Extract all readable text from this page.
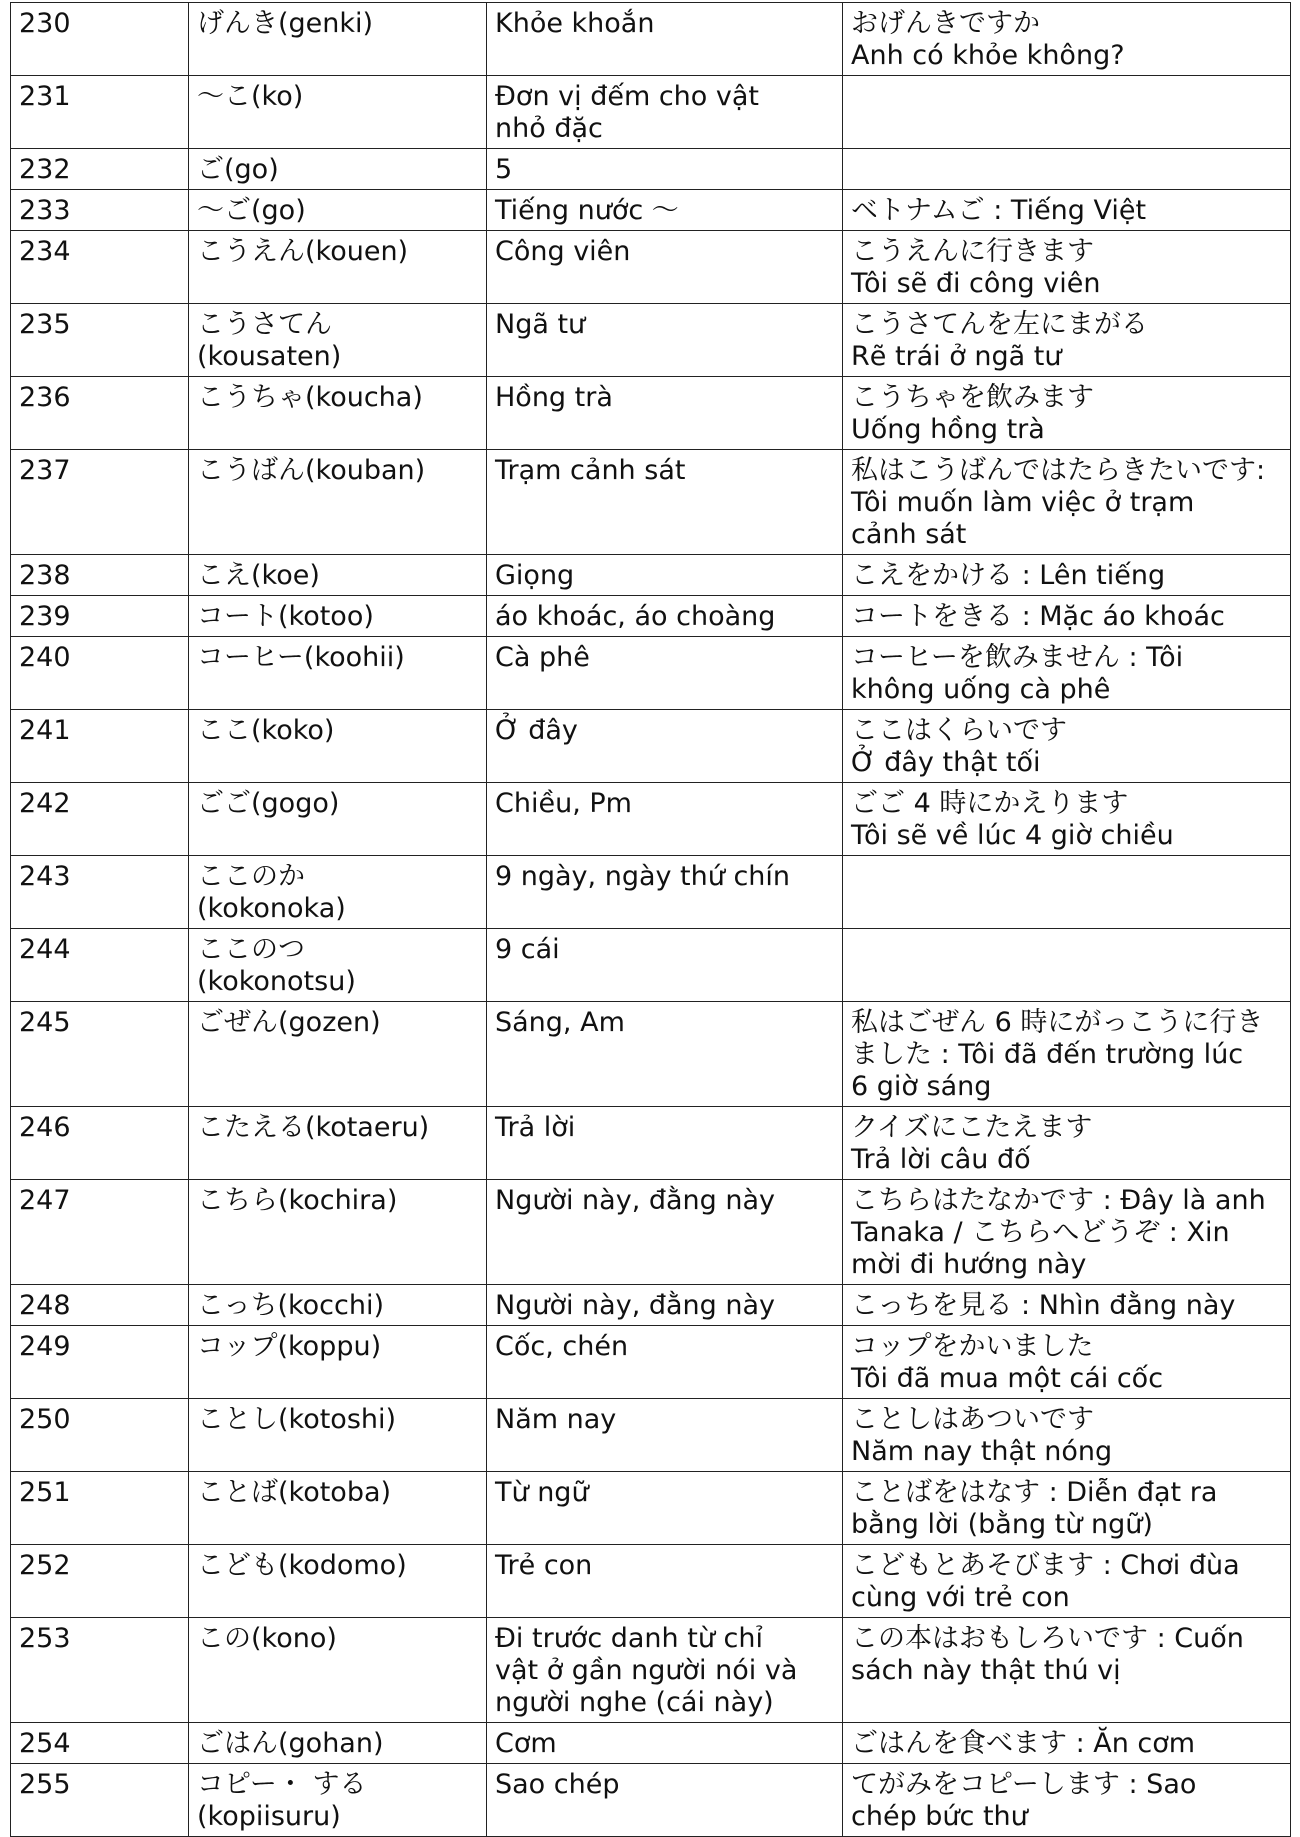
230	げんき(genki)	Khỏe khoắn	おげんきですか
Anh có khỏe không?
231	～こ(ko)	Đơn vị đếm cho vật
nhỏ đặc	
232	ご(go)	5	
233	～ご(go)	Tiếng nước ～	ベトナムご : Tiếng Việt
234	こうえん(kouen)	Công viên	こうえんに行きます
Tôi sẽ đi công viên
235	こうさてん
(kousaten)	Ngã tư	こうさてんを左にまがる
Rẽ trái ở ngã tư
236	こうちゃ(koucha)	Hồng trà	こうちゃを飲みます
Uống hồng trà
237	こうばん(kouban)	Trạm cảnh sát	私はこうばんではたらきたいです:
Tôi muốn làm việc ở trạm
cảnh sát
238	こえ(koe)	Giọng	こえをかける : Lên tiếng
239	コート(kotoo)	áo khoác, áo choàng	コートをきる : Mặc áo khoác
240	コーヒー(koohii)	Cà phê	コーヒーを飲みません : Tôi
không uống cà phê
241	ここ(koko)	Ở đây	ここはくらいです
Ở đây thật tối
242	ごご(gogo)	Chiều, Pm	ごご 4 時にかえります
Tôi sẽ về lúc 4 giờ chiều
243	ここのか
(kokonoka)	9 ngày, ngày thứ chín	
244	ここのつ
(kokonotsu)	9 cái	
245	ごぜん(gozen)	Sáng, Am	私はごぜん 6 時にがっこうに行き
ました : Tôi đã đến trường lúc
6 giờ sáng
246	こたえる(kotaeru)	Trả lời	クイズにこたえます
Trả lời câu đố
247	こちら(kochira)	Người này, đằng này	こちらはたなかです : Đây là anh
Tanaka / こちらへどうぞ : Xin
mời đi hướng này
248	こっち(kocchi)	Người này, đằng này	こっちを見る : Nhìn đằng này
249	コップ(koppu)	Cốc, chén	コップをかいました
Tôi đã mua một cái cốc
250	ことし(kotoshi)	Năm nay	ことしはあついです
Năm nay thật nóng
251	ことば(kotoba)	Từ ngữ	ことばをはなす : Diễn đạt ra
bằng lời (bằng từ ngữ)
252	こども(kodomo)	Trẻ con	こどもとあそびます : Chơi đùa
cùng với trẻ con
253	この(kono)	Đi trước danh từ chỉ
vật ở gần người nói và
người nghe (cái này)	この本はおもしろいです : Cuốn
sách này thật thú vị
254	ごはん(gohan)	Cơm	ごはんを食べます : Ăn cơm
255	コピー・ する
(kopiisuru)	Sao chép	てがみをコピーします : Sao
chép bức thư
